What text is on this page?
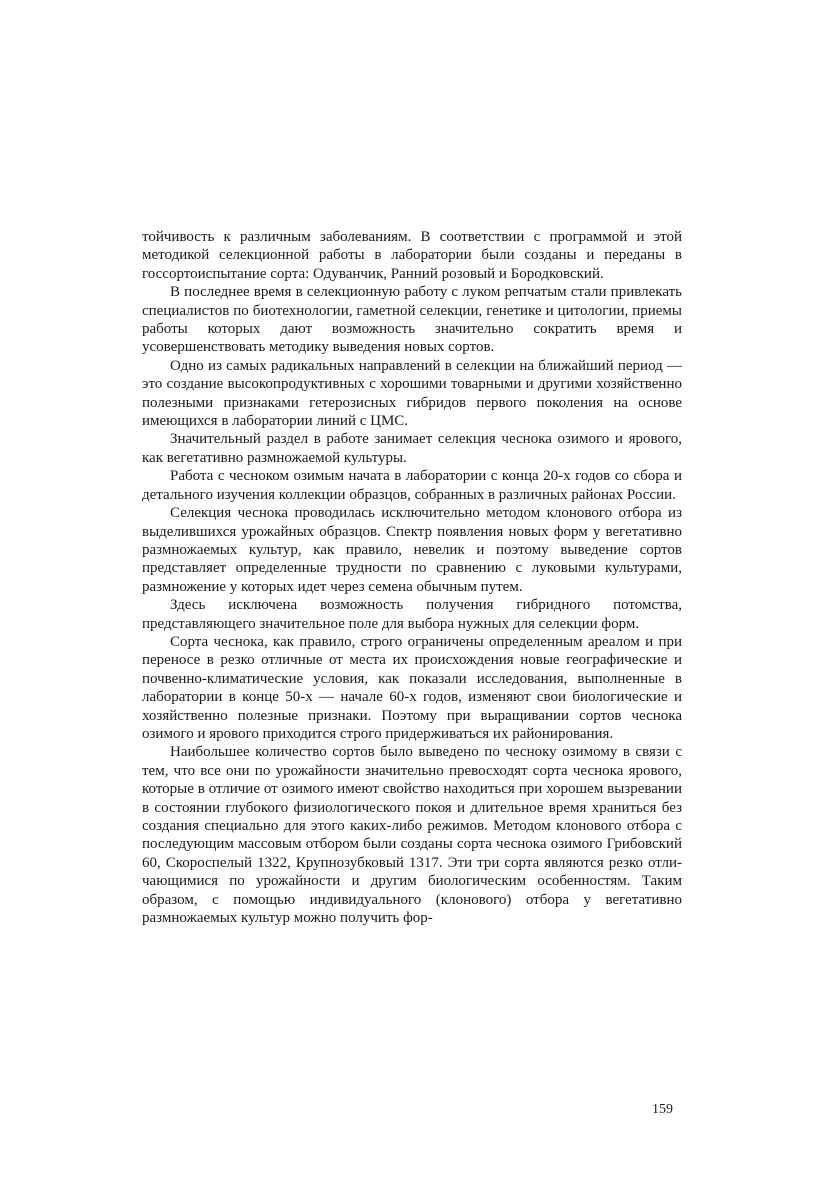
тойчивость к различным заболеваниям. В соответствии с программой и этой методикой селекционной работы в лаборатории были созданы и переданы в госсортоиспытание сорта: Одуванчик, Ранний розовый и Бородковский.

В последнее время в селекционную работу с луком репчатым стали привлекать специалистов по биотехнологии, гаметной селекции, генетике и цитологии, приемы работы которых дают возможность значительно сократить время и усовершенствовать методику выведения новых сортов.

Одно из самых радикальных направлений в селекции на ближайший период — это создание высокопродуктивных с хорошими товарными и другими хозяйственно полезными признаками гетерозисных гибридов первого поколения на основе имеющихся в лаборатории линий с ЦМС.

Значительный раздел в работе занимает селекция чеснока озимого и ярового, как вегетативно размножаемой культуры.

Работа с чесноком озимым начата в лаборатории с конца 20-х годов со сбора и детального изучения коллекции образцов, собранных в различных районах России.

Селекция чеснока проводилась исключительно методом клонового отбора из выделившихся урожайных образцов. Спектр появления новых форм у вегетативно размножаемых культур, как правило, невелик и поэтому выведение сортов представляет определенные трудности по сравнению с луковыми культурами, размножение у которых идет через семена обычным путем.

Здесь исключена возможность получения гибридного потомства, представляющего значительное поле для выбора нужных для селекции форм.

Сорта чеснока, как правило, строго ограничены определенным ареалом и при переносе в резко отличные от места их происхождения новые географические и почвенно-климатические условия, как показали исследования, выполненные в лаборатории в конце 50-х — начале 60-х годов, изменяют свои биологические и хозяйственно полезные признаки. Поэтому при выращивании сортов чеснока озимого и ярового приходится строго придерживаться их районирования.

Наибольшее количество сортов было выведено по чесноку озимому в связи с тем, что все они по урожайности значительно превосходят сорта чеснока ярового, которые в отличие от озимого имеют свойство находиться при хорошем вызревании в состоянии глубокого физиологического покоя и длительное время храниться без создания специально для этого каких-либо режимов. Методом клонового отбора с последующим массовым отбором были созданы сорта чеснока озимого Грибовский 60, Скороспелый 1322, Крупнозубковый 1317. Эти три сорта являются резко отличающимися по урожайности и другим биологическим особенностям. Таким образом, с помощью индивидуального (клонового) отбора у вегетативно размножаемых культур можно получить фор-

159
